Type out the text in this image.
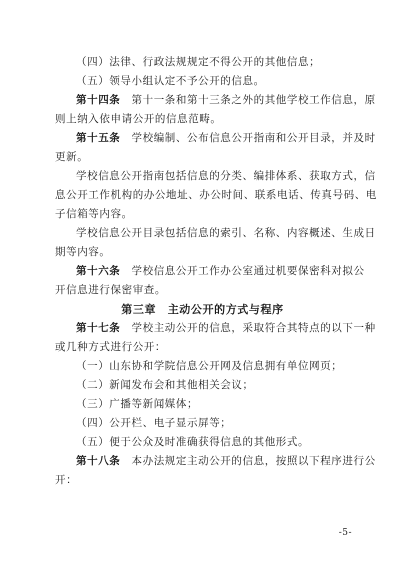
（四）法律、行政法规规定不得公开的其他信息；
（五）领导小组认定不予公开的信息。
第十四条　第十一条和第十三条之外的其他学校工作信息，原
则上纳入依申请公开的信息范畴。
第十五条　学校编制、公布信息公开指南和公开目录，并及时
更新。
学校信息公开指南包括信息的分类、编排体系、获取方式，信
息公开工作机构的办公地址、办公时间、联系电话、传真号码、电
子信箱等内容。
学校信息公开目录包括信息的索引、名称、内容概述、生成日
期等内容。
第十六条　学校信息公开工作办公室通过机要保密科对拟公
开信息进行保密审查。
第三章　主动公开的方式与程序
第十七条　学校主动公开的信息，采取符合其特点的以下一种
或几种方式进行公开：
（一）山东协和学院信息公开网及信息拥有单位网页；
（二）新闻发布会和其他相关会议；
（三）广播等新闻媒体；
（四）公开栏、电子显示屏等；
（五）便于公众及时准确获得信息的其他形式。
第十八条　本办法规定主动公开的信息，按照以下程序进行公
开：
-5-
